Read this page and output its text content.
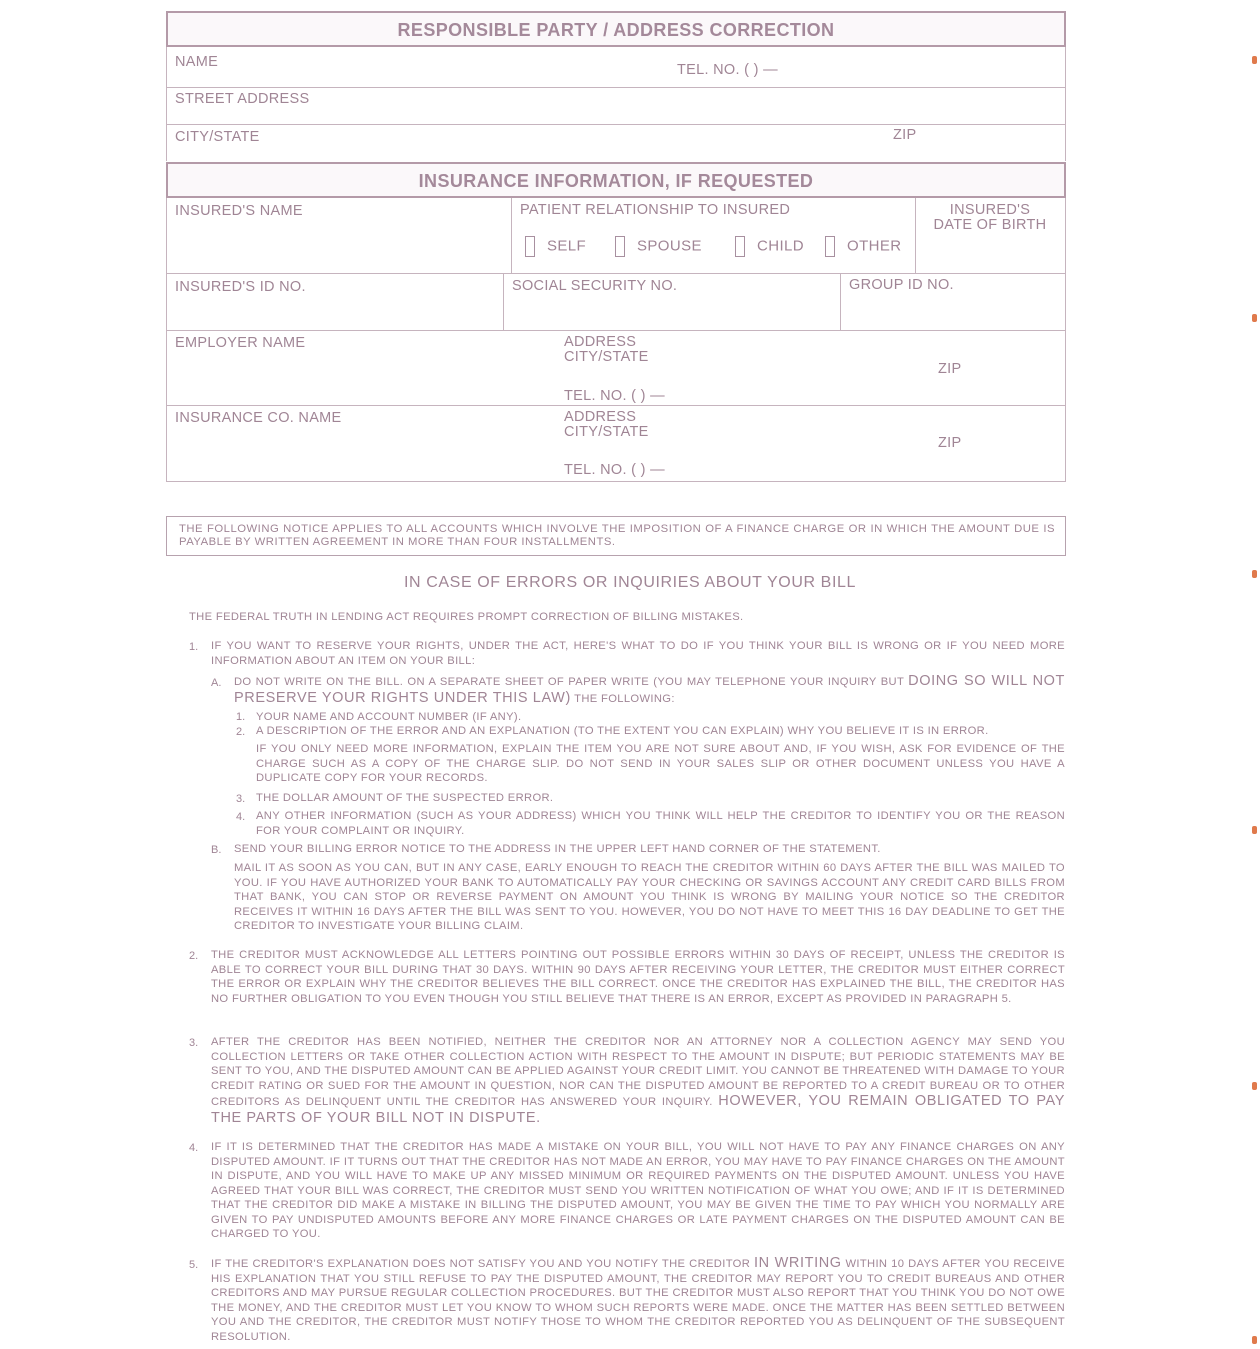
RESPONSIBLE PARTY / ADDRESS CORRECTION
NAME	TEL. NO. ( ) —
STREET ADDRESS
CITY/STATE	ZIP
INSURANCE INFORMATION, IF REQUESTED
INSURED'S NAME	PATIENT RELATIONSHIP TO INSURED
SELF	SPOUSE	CHILD	OTHER
INSURED'S
DATE OF BIRTH
INSURED'S ID NO.	SOCIAL SECURITY NO.	GROUP ID NO.
EMPLOYER NAME	ADDRESS
CITY/STATE
ZIP
TEL. NO. ( ) —
INSURANCE CO. NAME	ADDRESS
CITY/STATE
ZIP
TEL. NO. ( ) —
THE FOLLOWING NOTICE APPLIES TO ALL ACCOUNTS WHICH INVOLVE THE IMPOSITION OF A FINANCE CHARGE OR IN WHICH THE AMOUNT DUE IS PAYABLE BY WRITTEN AGREEMENT IN MORE THAN FOUR INSTALLMENTS.
IN CASE OF ERRORS OR INQUIRIES ABOUT YOUR BILL
THE FEDERAL TRUTH IN LENDING ACT REQUIRES PROMPT CORRECTION OF BILLING MISTAKES.
1. IF YOU WANT TO RESERVE YOUR RIGHTS, UNDER THE ACT, HERE'S WHAT TO DO IF YOU THINK YOUR BILL IS WRONG OR IF YOU NEED MORE INFORMATION ABOUT AN ITEM ON YOUR BILL:
A. DO NOT WRITE ON THE BILL. ON A SEPARATE SHEET OF PAPER WRITE (YOU MAY TELEPHONE YOUR INQUIRY BUT DOING SO WILL NOT PRESERVE YOUR RIGHTS UNDER THIS LAW) THE FOLLOWING:
1. YOUR NAME AND ACCOUNT NUMBER (IF ANY).
2. A DESCRIPTION OF THE ERROR AND AN EXPLANATION (TO THE EXTENT YOU CAN EXPLAIN) WHY YOU BELIEVE IT IS IN ERROR.
IF YOU ONLY NEED MORE INFORMATION, EXPLAIN THE ITEM YOU ARE NOT SURE ABOUT AND, IF YOU WISH, ASK FOR EVIDENCE OF THE CHARGE SUCH AS A COPY OF THE CHARGE SLIP. DO NOT SEND IN YOUR SALES SLIP OR OTHER DOCUMENT UNLESS YOU HAVE A DUPLICATE COPY FOR YOUR RECORDS.
3. THE DOLLAR AMOUNT OF THE SUSPECTED ERROR.
4. ANY OTHER INFORMATION (SUCH AS YOUR ADDRESS) WHICH YOU THINK WILL HELP THE CREDITOR TO IDENTIFY YOU OR THE REASON FOR YOUR COMPLAINT OR INQUIRY.
B. SEND YOUR BILLING ERROR NOTICE TO THE ADDRESS IN THE UPPER LEFT HAND CORNER OF THE STATEMENT.
MAIL IT AS SOON AS YOU CAN, BUT IN ANY CASE, EARLY ENOUGH TO REACH THE CREDITOR WITHIN 60 DAYS AFTER THE BILL WAS MAILED TO YOU. IF YOU HAVE AUTHORIZED YOUR BANK TO AUTOMATICALLY PAY YOUR CHECKING OR SAVINGS ACCOUNT ANY CREDIT CARD BILLS FROM THAT BANK, YOU CAN STOP OR REVERSE PAYMENT ON AMOUNT YOU THINK IS WRONG BY MAILING YOUR NOTICE SO THE CREDITOR RECEIVES IT WITHIN 16 DAYS AFTER THE BILL WAS SENT TO YOU. HOWEVER, YOU DO NOT HAVE TO MEET THIS 16 DAY DEADLINE TO GET THE CREDITOR TO INVESTIGATE YOUR BILLING CLAIM.
2. THE CREDITOR MUST ACKNOWLEDGE ALL LETTERS POINTING OUT POSSIBLE ERRORS WITHIN 30 DAYS OF RECEIPT, UNLESS THE CREDITOR IS ABLE TO CORRECT YOUR BILL DURING THAT 30 DAYS. WITHIN 90 DAYS AFTER RECEIVING YOUR LETTER, THE CREDITOR MUST EITHER CORRECT THE ERROR OR EXPLAIN WHY THE CREDITOR BELIEVES THE BILL CORRECT. ONCE THE CREDITOR HAS EXPLAINED THE BILL, THE CREDITOR HAS NO FURTHER OBLIGATION TO YOU EVEN THOUGH YOU STILL BELIEVE THAT THERE IS AN ERROR, EXCEPT AS PROVIDED IN PARAGRAPH 5.
3. AFTER THE CREDITOR HAS BEEN NOTIFIED, NEITHER THE CREDITOR NOR AN ATTORNEY NOR A COLLECTION AGENCY MAY SEND YOU COLLECTION LETTERS OR TAKE OTHER COLLECTION ACTION WITH RESPECT TO THE AMOUNT IN DISPUTE; BUT PERIODIC STATEMENTS MAY BE SENT TO YOU, AND THE DISPUTED AMOUNT CAN BE APPLIED AGAINST YOUR CREDIT LIMIT. YOU CANNOT BE THREATENED WITH DAMAGE TO YOUR CREDIT RATING OR SUED FOR THE AMOUNT IN QUESTION, NOR CAN THE DISPUTED AMOUNT BE REPORTED TO A CREDIT BUREAU OR TO OTHER CREDITORS AS DELINQUENT UNTIL THE CREDITOR HAS ANSWERED YOUR INQUIRY. HOWEVER, YOU REMAIN OBLIGATED TO PAY THE PARTS OF YOUR BILL NOT IN DISPUTE.
4. IF IT IS DETERMINED THAT THE CREDITOR HAS MADE A MISTAKE ON YOUR BILL, YOU WILL NOT HAVE TO PAY ANY FINANCE CHARGES ON ANY DISPUTED AMOUNT. IF IT TURNS OUT THAT THE CREDITOR HAS NOT MADE AN ERROR, YOU MAY HAVE TO PAY FINANCE CHARGES ON THE AMOUNT IN DISPUTE, AND YOU WILL HAVE TO MAKE UP ANY MISSED MINIMUM OR REQUIRED PAYMENTS ON THE DISPUTED AMOUNT. UNLESS YOU HAVE AGREED THAT YOUR BILL WAS CORRECT, THE CREDITOR MUST SEND YOU WRITTEN NOTIFICATION OF WHAT YOU OWE; AND IF IT IS DETERMINED THAT THE CREDITOR DID MAKE A MISTAKE IN BILLING THE DISPUTED AMOUNT, YOU MAY BE GIVEN THE TIME TO PAY WHICH YOU NORMALLY ARE GIVEN TO PAY UNDISPUTED AMOUNTS BEFORE ANY MORE FINANCE CHARGES OR LATE PAYMENT CHARGES ON THE DISPUTED AMOUNT CAN BE CHARGED TO YOU.
5. IF THE CREDITOR'S EXPLANATION DOES NOT SATISFY YOU AND YOU NOTIFY THE CREDITOR IN WRITING WITHIN 10 DAYS AFTER YOU RECEIVE HIS EXPLANATION THAT YOU STILL REFUSE TO PAY THE DISPUTED AMOUNT, THE CREDITOR MAY REPORT YOU TO CREDIT BUREAUS AND OTHER CREDITORS AND MAY PURSUE REGULAR COLLECTION PROCEDURES. BUT THE CREDITOR MUST ALSO REPORT THAT YOU THINK YOU DO NOT OWE THE MONEY, AND THE CREDITOR MUST LET YOU KNOW TO WHOM SUCH REPORTS WERE MADE. ONCE THE MATTER HAS BEEN SETTLED BETWEEN YOU AND THE CREDITOR, THE CREDITOR MUST NOTIFY THOSE TO WHOM THE CREDITOR REPORTED YOU AS DELINQUENT OF THE SUBSEQUENT RESOLUTION.
